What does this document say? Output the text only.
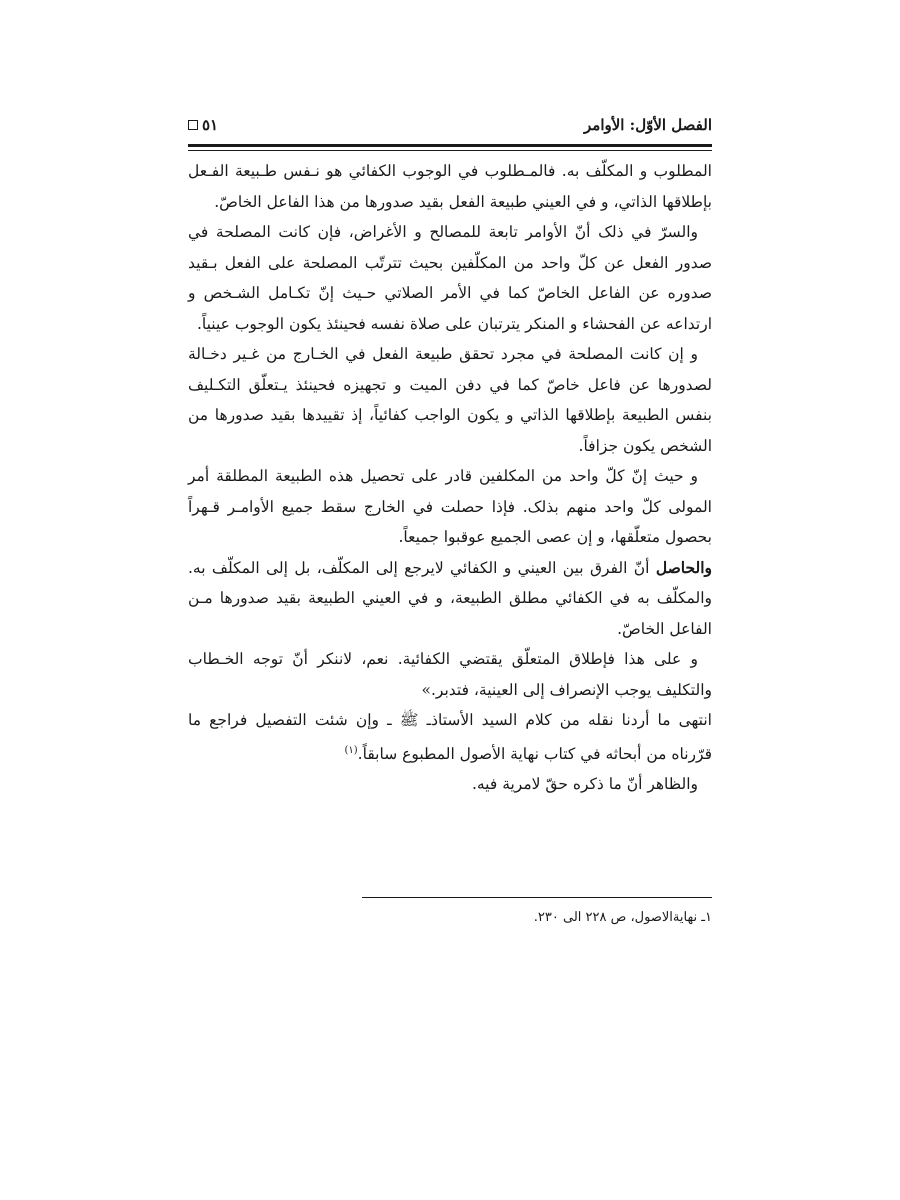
الفصل الأوّل: الأوامر
٥١

المطلوب و المكلّف به. فالمـطلوب في الوجوب الكفائي هو نـفس طـبيعة الفـعل بإطلاقها الذاتي، و في العيني طبيعة الفعل بقيد صدورها من هذا الفاعل الخاصّ.

والسرّ في ذلک أنّ الأوامر تابعة للمصالح و الأغراض، فإن كانت المصلحة في صدور الفعل عن كلّ واحد من المكلّفين بحيث تترتّب المصلحة على الفعل بـقيد صدوره عن الفاعل الخاصّ كما في الأمر الصلاتي حـيث إنّ تكـامل الشـخص و ارتداعه عن الفحشاء و المنكر يترتبان على صلاة نفسه فحينئذ يكون الوجوب عينياً.

و إن كانت المصلحة في مجرد تحقق طبيعة الفعل في الخـارج من غـير دخـالة لصدورها عن فاعل خاصّ كما في دفن الميت و تجهيزه فحينئذ يـتعلّق التكـليف بنفس الطبيعة بإطلاقها الذاتي و يكون الواجب كفائياً، إذ تقييدها بقيد صدورها من الشخص يكون جزافاً.

و حيث إنّ كلّ واحد من المكلفين قادر على تحصيل هذه الطبيعة المطلقة أمر المولى كلّ واحد منهم بذلک. فإذا حصلت في الخارج سقط جميع الأوامـر قـهراً بحصول متعلّقها، و إن عصى الجميع عوقبوا جميعاً.

والحاصل أنّ الفرق بين العيني و الكفائي لايرجع إلى المكلّف، بل إلى المكلّف به. والمكلّف به في الكفائي مطلق الطبيعة، و في العيني الطبيعة بقيد صدورها مـن الفاعل الخاصّ.

و على هذا فإطلاق المتعلّق يقتضي الكفائية. نعم، لاننكر أنّ توجه الخـطاب والتكليف يوجب الإنصراف إلى العينية، فتدبر.»

انتهى ما أردنا نقله من كلام السيد الأستاذـ ﷺ ـ وإن شئت التفصيل فراجع ما قرّرناه من أبحاثه في كتاب نهاية الأصول المطبوع سابقاً.$^{(١)}$

والظاهر أنّ ما ذكره حقّ لامرية فيه.

١ـ نهايةالاصول، ص ٢٢٨ الى ٢٣٠.
